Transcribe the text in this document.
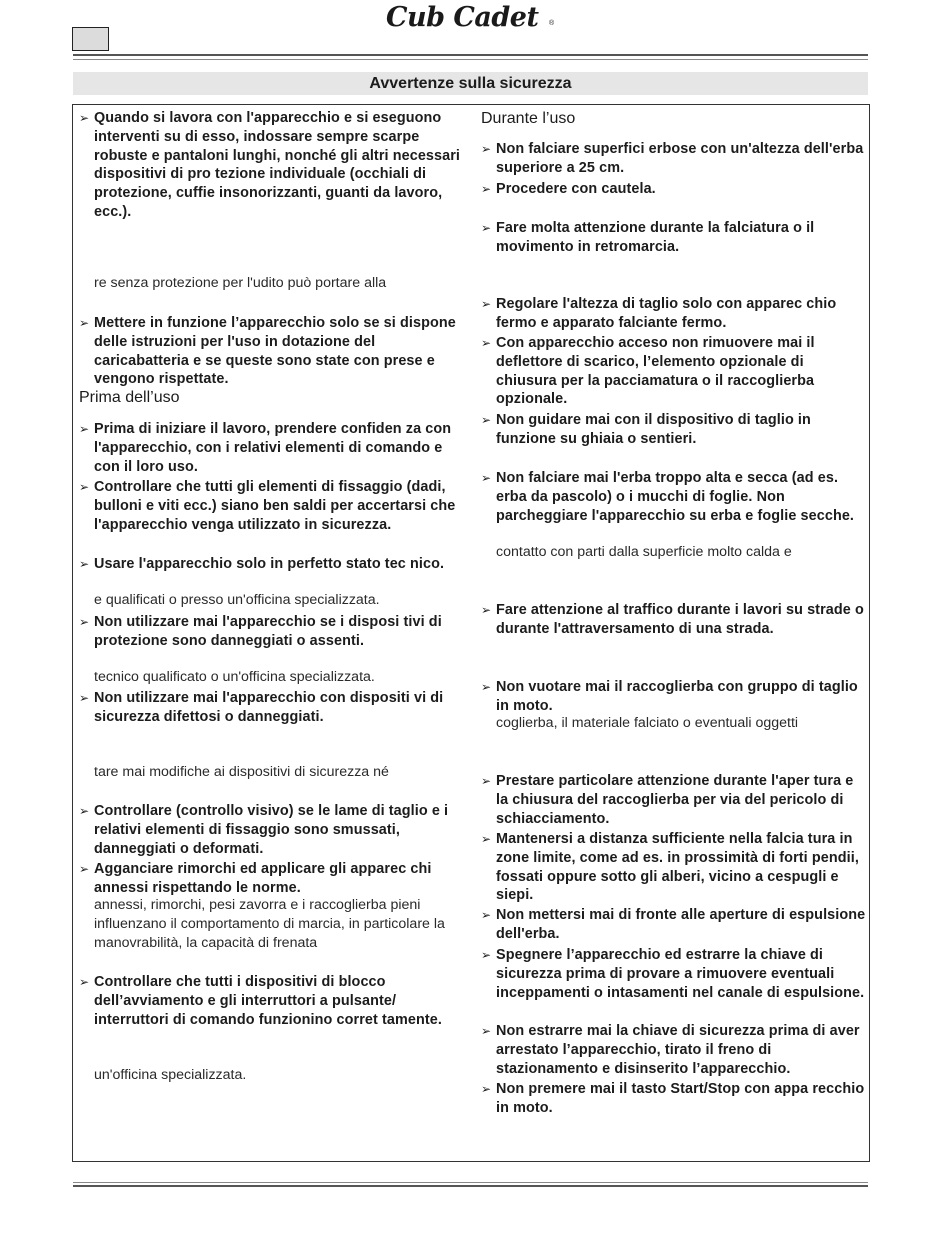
Cub Cadet ®
Avvertenze sulla sicurezza
➢ Quando si lavora con l'apparecchio e si eseguono interventi su di esso, indossare sempre scarpe robuste e pantaloni lunghi, nonché gli altri necessari dispositivi di pro tezione individuale (occhiali di protezione, cuffie insonorizzanti, guanti da lavoro, ecc.).
re senza protezione per l'udito può portare alla
➢ Mettere in funzione l’apparecchio solo se si dispone delle istruzioni per l'uso in dotazione del caricabatteria e se queste sono state con prese e vengono rispettate.
Prima dell’uso
➢ Prima di iniziare il lavoro, prendere confiden za con l'apparecchio, con i relativi elementi di comando e con il loro uso.
➢ Controllare che tutti gli elementi di fissaggio (dadi, bulloni e viti ecc.) siano ben saldi per accertarsi che l'apparecchio venga utilizzato in sicurezza.
➢ Usare l'apparecchio solo in perfetto stato tec nico.
e qualificati o presso un'officina specializzata.
➢ Non utilizzare mai l'apparecchio se i disposi tivi di protezione sono danneggiati o assenti.
tecnico qualificato o un'officina specializzata.
➢ Non utilizzare mai l'apparecchio con dispositi vi di sicurezza difettosi o danneggiati.
tare mai modifiche ai dispositivi di sicurezza né
➢ Controllare (controllo visivo) se le lame di taglio e i relativi elementi di fissaggio sono smussati, danneggiati o deformati.
➢ Agganciare rimorchi ed applicare gli apparec chi annessi rispettando le norme.
annessi, rimorchi, pesi zavorra e i raccoglierba pieni influenzano il comportamento di marcia, in particolare la manovrabilità, la capacità di frenata
➢ Controllare che tutti i dispositivi di blocco dell’avviamento e gli interruttori a pulsante/ interruttori di comando funzionino corret tamente.
un'officina specializzata.
Durante l’uso
➢ Non falciare superfici erbose con un'altezza dell'erba superiore a 25 cm.
➢ Procedere con cautela.
➢ Fare molta attenzione durante la falciatura o il movimento in retromarcia.
➢ Regolare l'altezza di taglio solo con apparec chio fermo e apparato falciante fermo.
➢ Con apparecchio acceso non rimuovere mai il deflettore di scarico, l’elemento opzionale di chiusura per la pacciamatura o il raccoglierba opzionale.
➢ Non guidare mai con il dispositivo di taglio in funzione su ghiaia o sentieri.
➢ Non falciare mai l'erba troppo alta e secca (ad es. erba da pascolo) o i mucchi di foglie. Non parcheggiare l'apparecchio su erba e foglie secche.
contatto con parti dalla superficie molto calda e
➢ Fare attenzione al traffico durante i lavori su strade o durante l'attraversamento di una strada.
➢ Non vuotare mai il raccoglierba con gruppo di taglio in moto.
coglierba, il materiale falciato o eventuali oggetti
➢ Prestare particolare attenzione durante l'aper tura e la chiusura del raccoglierba per via del pericolo di schiacciamento.
➢ Mantenersi a distanza sufficiente nella falcia tura in zone limite, come ad es. in prossimità di forti pendii, fossati oppure sotto gli alberi, vicino a cespugli e siepi.
➢ Non mettersi mai di fronte alle aperture di espulsione dell'erba.
➢ Spegnere l’apparecchio ed estrarre la chiave di sicurezza prima di provare a rimuovere eventuali inceppamenti o intasamenti nel canale di espulsione.
➢ Non estrarre mai la chiave di sicurezza prima di aver arrestato l’apparecchio, tirato il freno di stazionamento e disinserito l’apparecchio.
➢ Non premere mai il tasto Start/Stop con appa recchio in moto.
